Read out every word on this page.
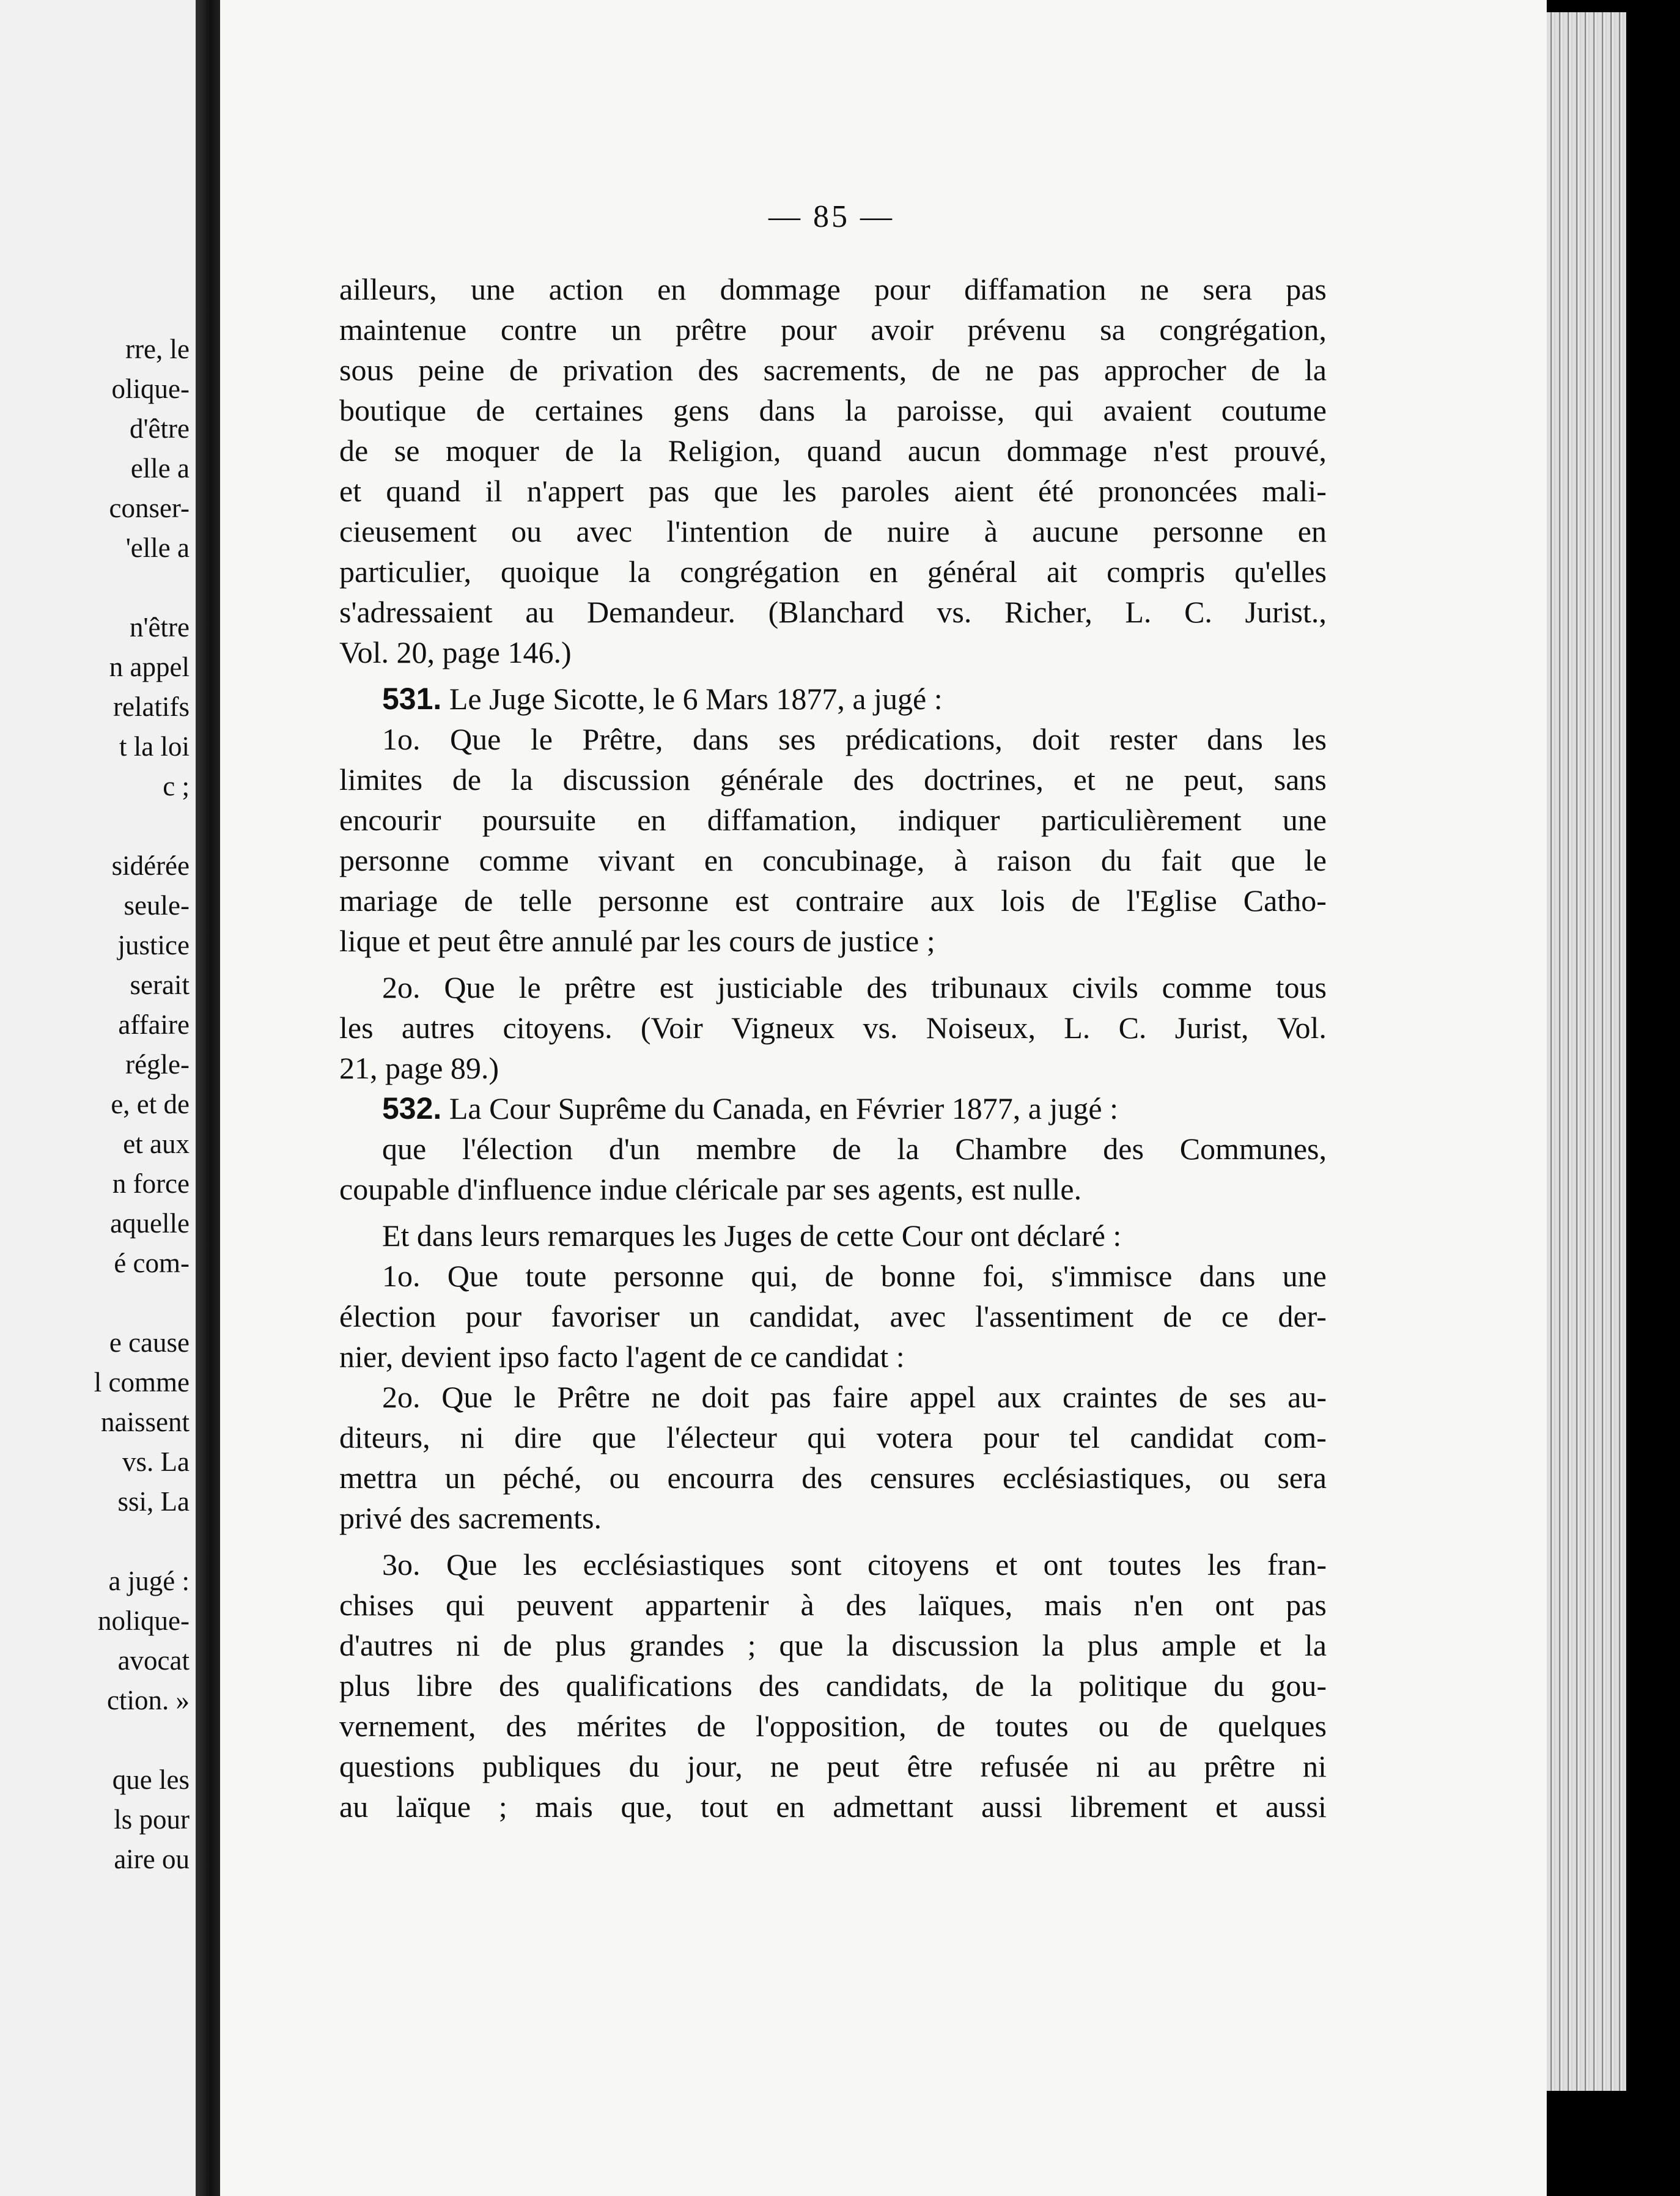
rre, le
olique-
d'être
elle a
conser-
'elle a
n'être
n appel
relatifs
t la loi
c ;
sidérée
seule-
justice
serait
affaire
régle-
e, et de
et aux
n force
aquelle
é com-
e cause
l comme
naissent
vs. La
ssi, La
a jugé :
nolique-
avocat
ction. »
que les
ls pour
aire ou
— 85 —
ailleurs, une action en dommage pour diffamation ne sera pas
maintenue contre un prêtre pour avoir prévenu sa congrégation,
sous peine de privation des sacrements, de ne pas approcher de la
boutique de certaines gens dans la paroisse, qui avaient coutume
de se moquer de la Religion, quand aucun dommage n'est prouvé,
et quand il n'appert pas que les paroles aient été prononcées mali-
cieusement ou avec l'intention de nuire à aucune personne en
particulier, quoique la congrégation en général ait compris qu'elles
s'adressaient au Demandeur. (Blanchard vs. Richer, L. C. Jurist.,
Vol. 20, page 146.)
531.
Le Juge Sicotte, le 6 Mars 1877, a jugé :
1o. Que le Prêtre, dans ses prédications, doit rester dans les
limites de la discussion générale des doctrines, et ne peut, sans
encourir poursuite en diffamation, indiquer particulièrement une
personne comme vivant en concubinage, à raison du fait que le
mariage de telle personne est contraire aux lois de l'Eglise Catho-
lique et peut être annulé par les cours de justice ;
2o. Que le prêtre est justiciable des tribunaux civils comme tous
les autres citoyens. (Voir Vigneux vs. Noiseux, L. C. Jurist, Vol.
21, page 89.)
532.
La Cour Suprême du Canada, en Février 1877, a jugé :
que l'élection d'un membre de la Chambre des Communes,
coupable d'influence indue cléricale par ses agents, est nulle.
Et dans leurs remarques les Juges de cette Cour ont déclaré :
1o. Que toute personne qui, de bonne foi, s'immisce dans une
élection pour favoriser un candidat, avec l'assentiment de ce der-
nier, devient ipso facto l'agent de ce candidat :
2o. Que le Prêtre ne doit pas faire appel aux craintes de ses au-
diteurs, ni dire que l'électeur qui votera pour tel candidat com-
mettra un péché, ou encourra des censures ecclésiastiques, ou sera
privé des sacrements.
3o. Que les ecclésiastiques sont citoyens et ont toutes les fran-
chises qui peuvent appartenir à des laïques, mais n'en ont pas
d'autres ni de plus grandes ; que la discussion la plus ample et la
plus libre des qualifications des candidats, de la politique du gou-
vernement, des mérites de l'opposition, de toutes ou de quelques
questions publiques du jour, ne peut être refusée ni au prêtre ni
au laïque ; mais que, tout en admettant aussi librement et aussi
